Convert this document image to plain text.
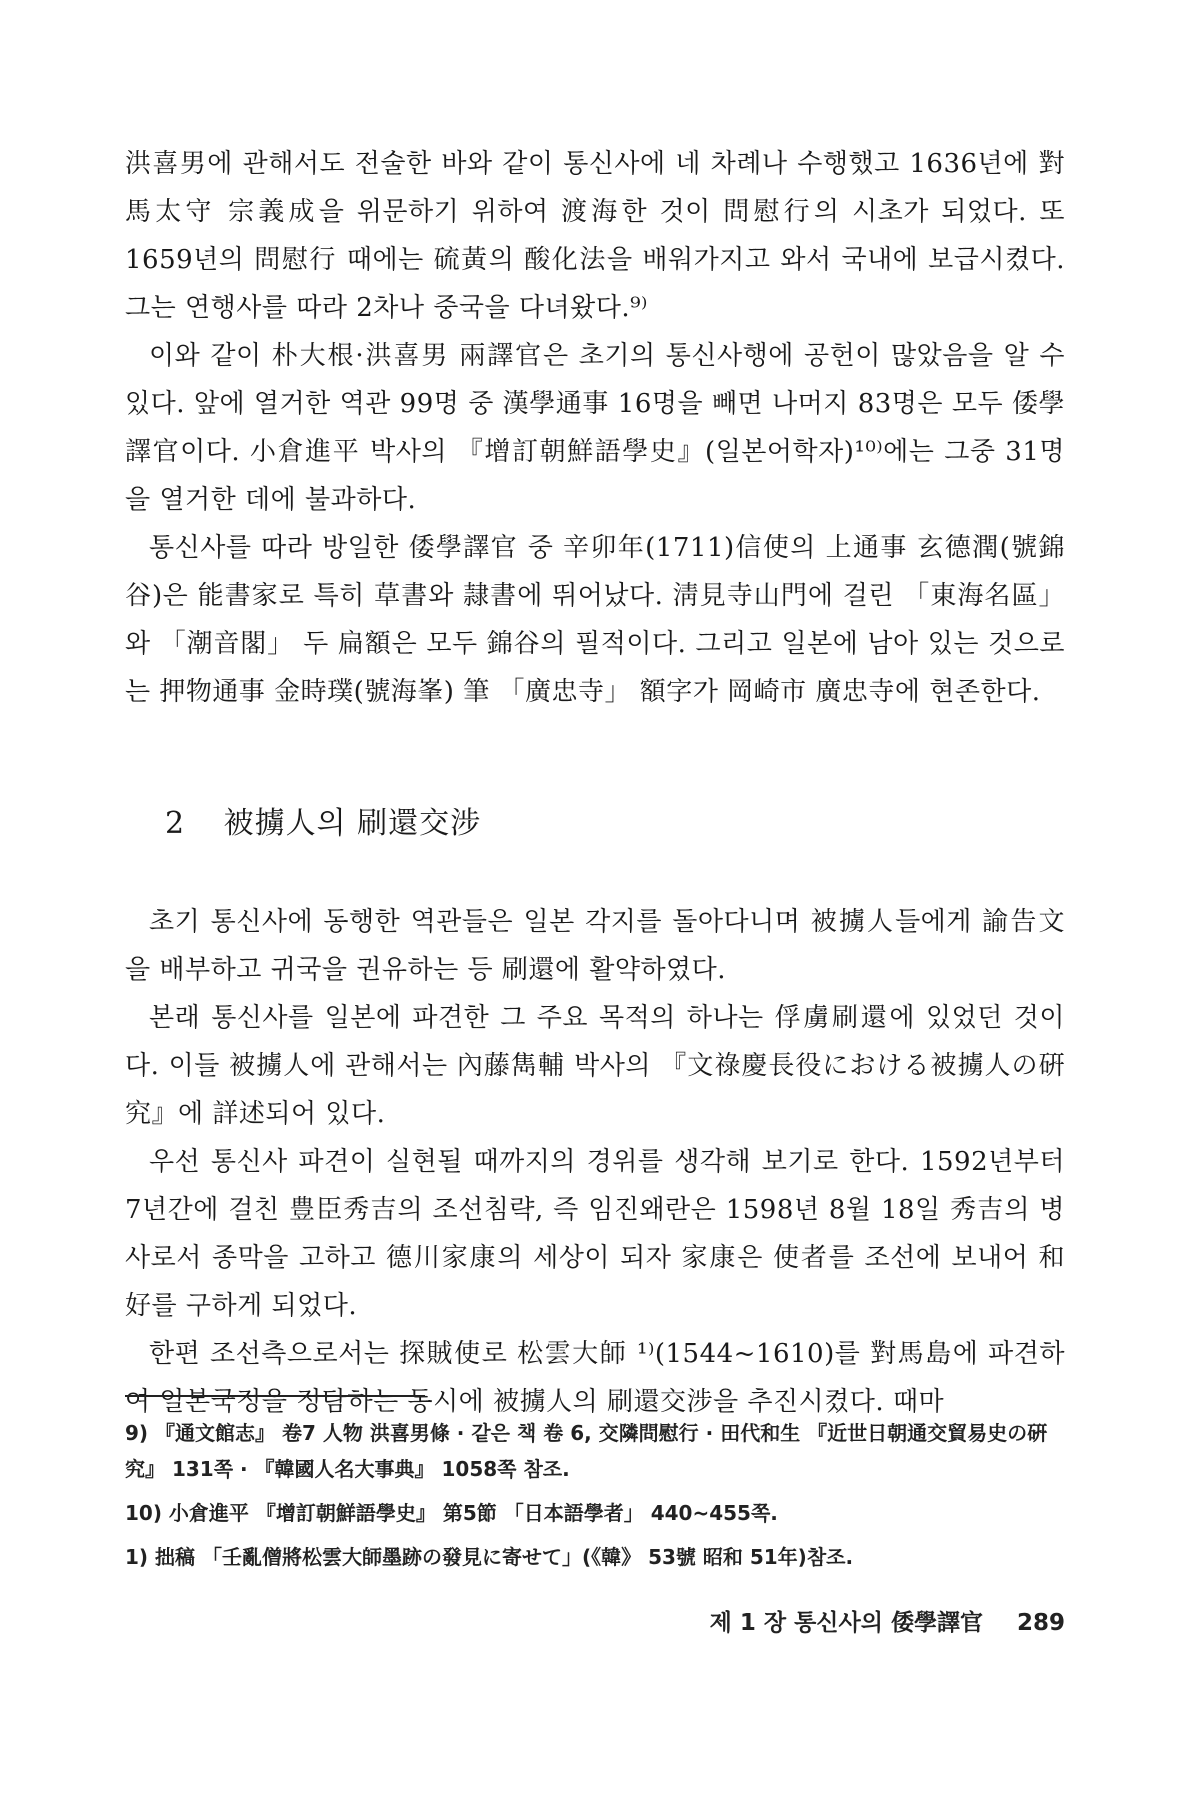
洪喜男에 관해서도 전술한 바와 같이 통신사에 네 차례나 수행했고 1636년에 對馬太守 宗義成을 위문하기 위하여 渡海한 것이 問慰行의 시초가 되었다. 또 1659년의 問慰行 때에는 硫黃의 酸化法을 배워가지고 와서 국내에 보급시켰다. 그는 연행사를 따라 2차나 중국을 다녀왔다.⁹⁾

이와 같이 朴大根·洪喜男 兩譯官은 초기의 통신사행에 공헌이 많았음을 알 수 있다. 앞에 열거한 역관 99명 중 漢學通事 16명을 빼면 나머지 83명은 모두 倭學譯官이다. 小倉進平 박사의 『增訂朝鮮語學史』(일본어학자)¹⁰⁾에는 그중 31명을 열거한 데에 불과하다.

통신사를 따라 방일한 倭學譯官 중 辛卯年(1711)信使의 上通事 玄德潤(號錦谷)은 能書家로 특히 草書와 隷書에 뛰어났다. 淸見寺山門에 걸린 「東海名區」와 「潮音閣」 두 扁額은 모두 錦谷의 필적이다. 그리고 일본에 남아 있는 것으로는 押物通事 金時璞(號海峯) 筆 「廣忠寺」 額字가 岡崎市 廣忠寺에 현존한다.

2 被擄人의 刷還交涉

초기 통신사에 동행한 역관들은 일본 각지를 돌아다니며 被擄人들에게 諭告文을 배부하고 귀국을 권유하는 등 刷還에 활약하였다.

본래 통신사를 일본에 파견한 그 주요 목적의 하나는 俘虜刷還에 있었던 것이다. 이들 被擄人에 관해서는 內藤雋輔 박사의 『文祿慶長役における被擄人の硏究』에 詳述되어 있다.

우선 통신사 파견이 실현될 때까지의 경위를 생각해 보기로 한다. 1592년부터 7년간에 걸친 豊臣秀吉의 조선침략, 즉 임진왜란은 1598년 8월 18일 秀吉의 병사로서 종막을 고하고 德川家康의 세상이 되자 家康은 使者를 조선에 보내어 和好를 구하게 되었다.

한편 조선측으로서는 探賊使로 松雲大師 ¹⁾(1544~1610)를 對馬島에 파견하여 일본국정을 정탐하는 동시에 被擄人의 刷還交涉을 추진시켰다. 때마

9) 『通文館志』 卷7 人物 洪喜男條 · 같은 책 卷 6, 交隣問慰行 · 田代和生 『近世日朝通交貿易史の硏究』 131쪽 · 『韓國人名大事典』 1058쪽 참조.

10) 小倉進平 『增訂朝鮮語學史』 第5節 「日本語學者」 440~455쪽.

1) 拙稿 「壬亂僧將松雲大師墨跡の發見に寄せて」(《韓》 53號 昭和 51年)참조.

제 1 장 통신사의 倭學譯官 289
